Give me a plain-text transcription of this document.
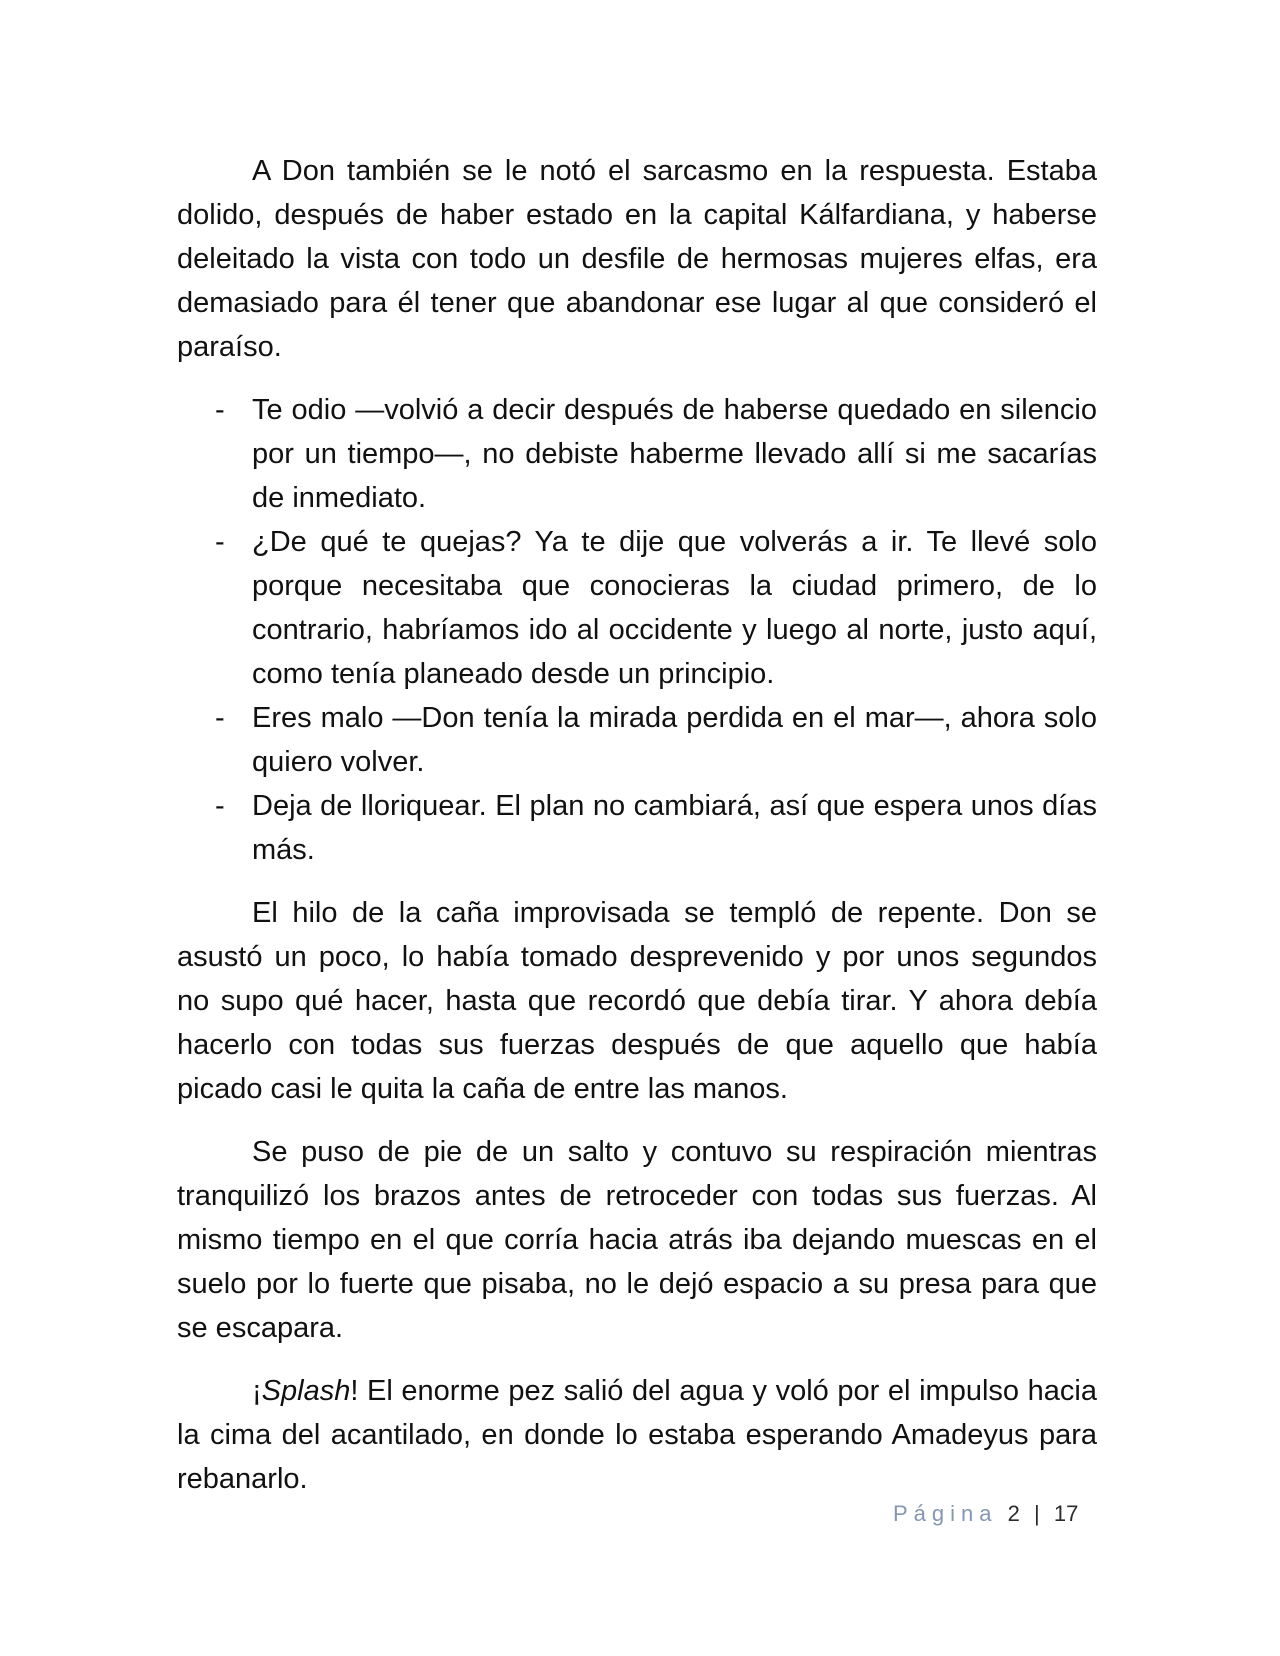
A Don también se le notó el sarcasmo en la respuesta. Estaba dolido, después de haber estado en la capital Kálfardiana, y haberse deleitado la vista con todo un desfile de hermosas mujeres elfas, era demasiado para él tener que abandonar ese lugar al que consideró el paraíso.

- Te odio —volvió a decir después de haberse quedado en silencio por un tiempo—, no debiste haberme llevado allí si me sacarías de inmediato.
- ¿De qué te quejas? Ya te dije que volverás a ir. Te llevé solo porque necesitaba que conocieras la ciudad primero, de lo contrario, habríamos ido al occidente y luego al norte, justo aquí, como tenía planeado desde un principio.
- Eres malo —Don tenía la mirada perdida en el mar—, ahora solo quiero volver.
- Deja de lloriquear. El plan no cambiará, así que espera unos días más.

El hilo de la caña improvisada se templó de repente. Don se asustó un poco, lo había tomado desprevenido y por unos segundos no supo qué hacer, hasta que recordó que debía tirar. Y ahora debía hacerlo con todas sus fuerzas después de que aquello que había picado casi le quita la caña de entre las manos.

Se puso de pie de un salto y contuvo su respiración mientras tranquilizó los brazos antes de retroceder con todas sus fuerzas. Al mismo tiempo en el que corría hacia atrás iba dejando muescas en el suelo por lo fuerte que pisaba, no le dejó espacio a su presa para que se escapara.

¡Splash! El enorme pez salió del agua y voló por el impulso hacia la cima del acantilado, en donde lo estaba esperando Amadeyus para rebanarlo.

Página 2 | 17
